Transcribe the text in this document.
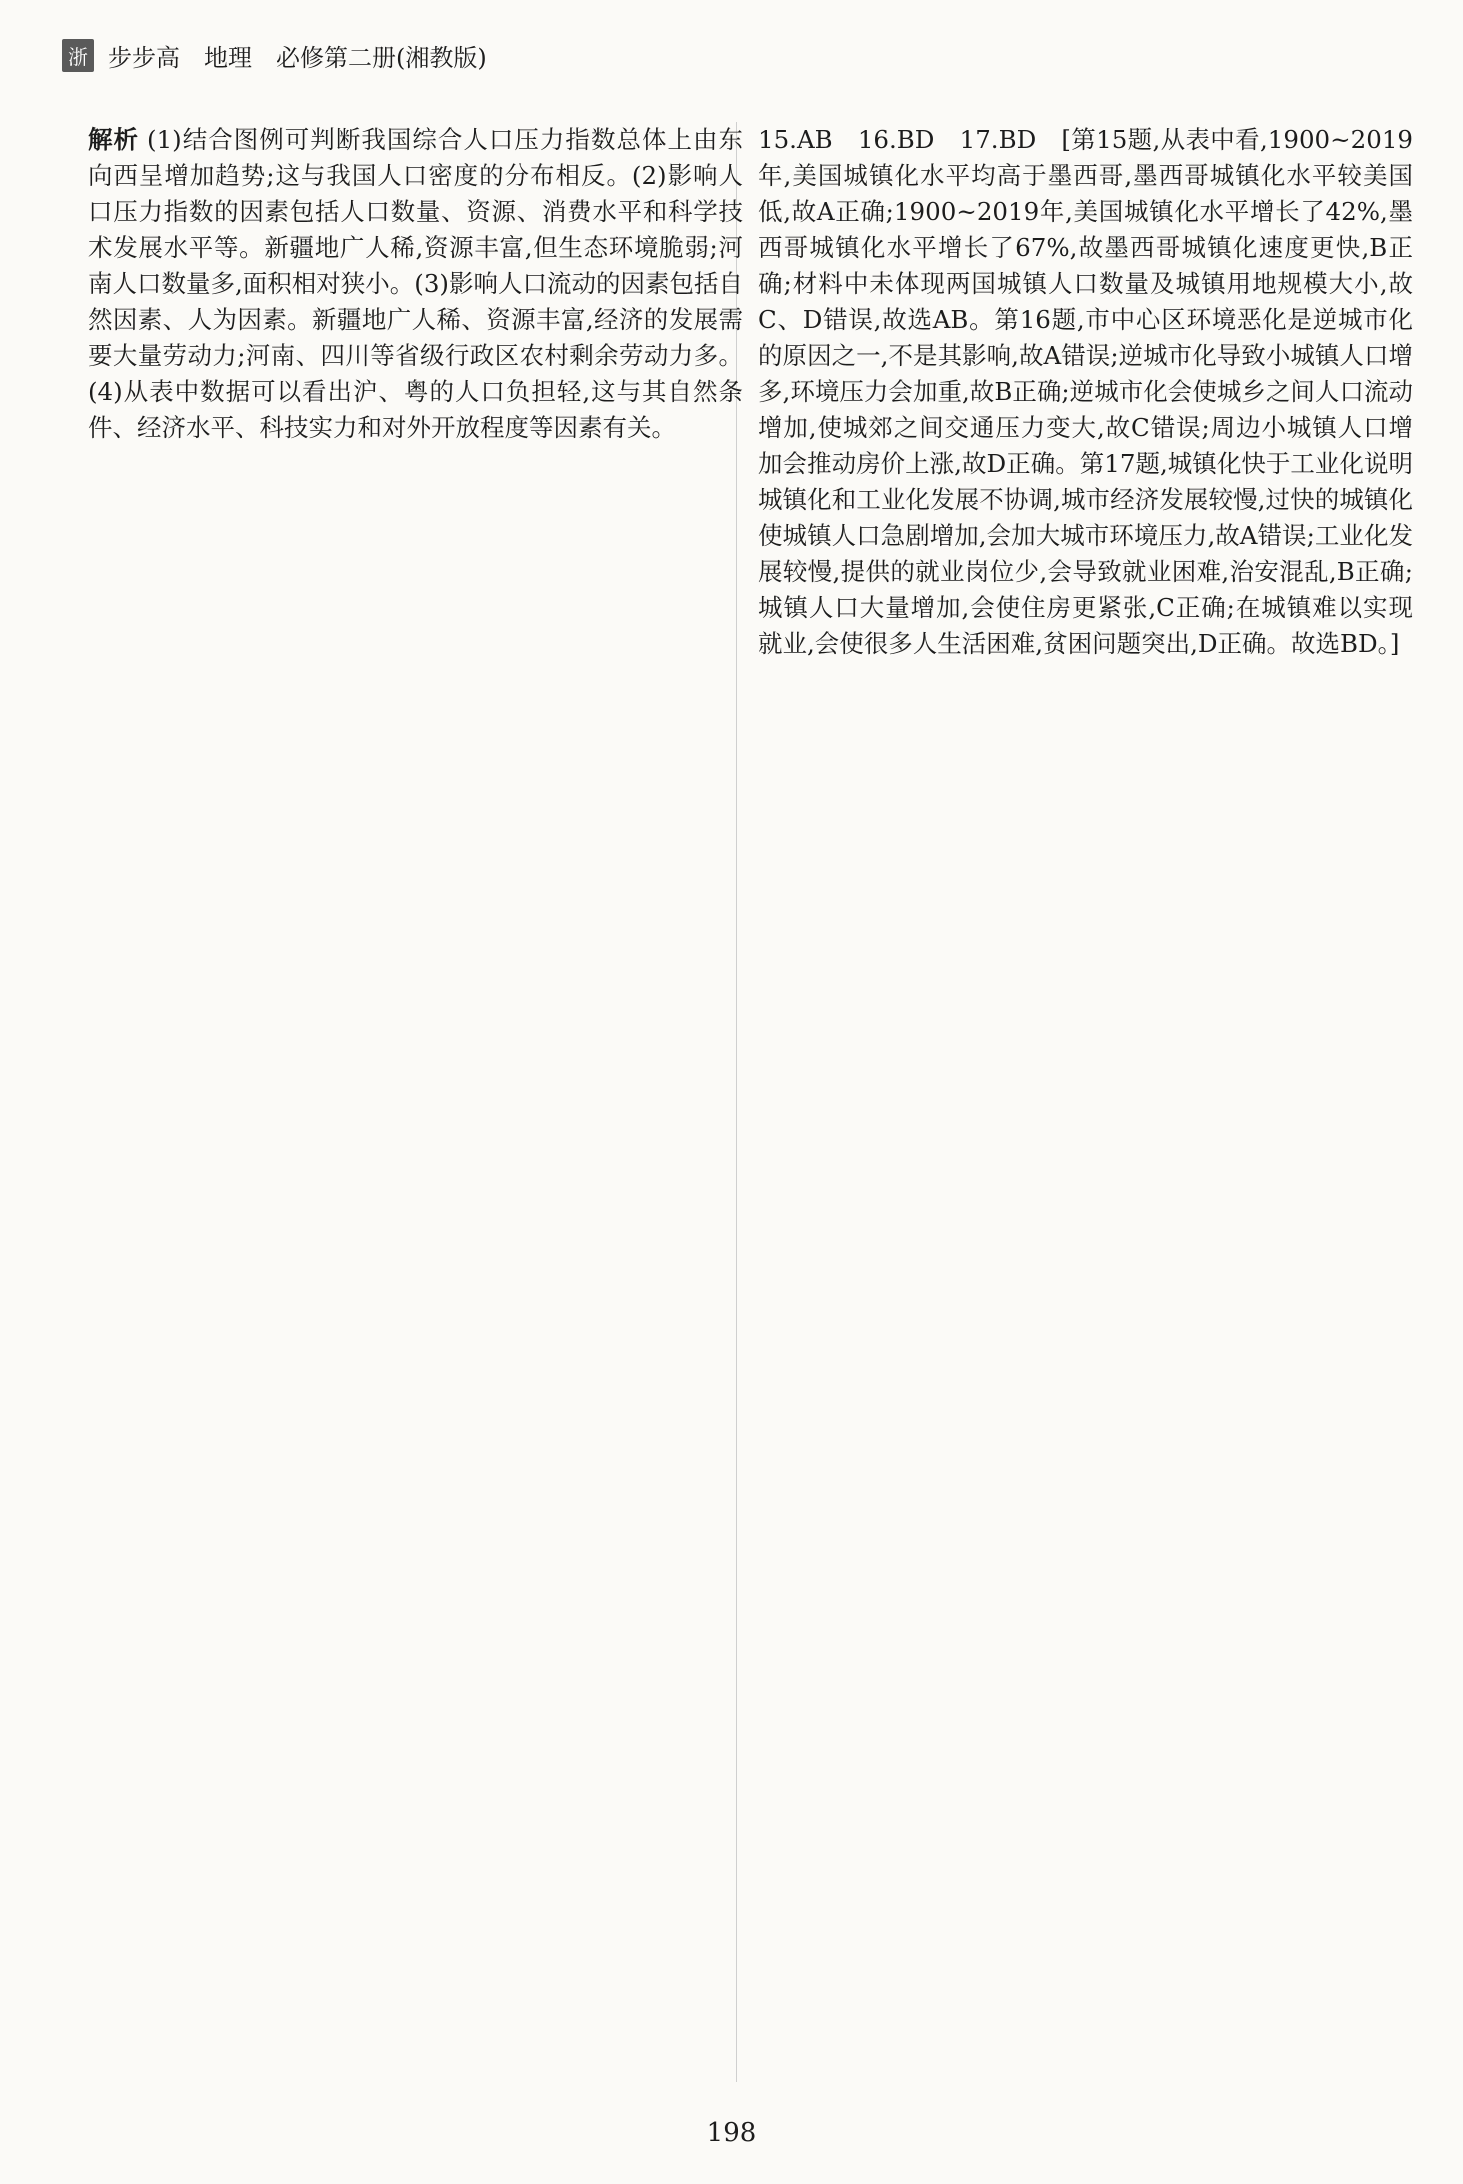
浙 步步高　地理　必修第二册(湘教版)

解析 (1)结合图例可判断我国综合人口压力指数总体上由东向西呈增加趋势;这与我国人口密度的分布相反。(2)影响人口压力指数的因素包括人口数量、资源、消费水平和科学技术发展水平等。新疆地广人稀,资源丰富,但生态环境脆弱;河南人口数量多,面积相对狭小。(3)影响人口流动的因素包括自然因素、人为因素。新疆地广人稀、资源丰富,经济的发展需要大量劳动力;河南、四川等省级行政区农村剩余劳动力多。(4)从表中数据可以看出沪、粤的人口负担轻,这与其自然条件、经济水平、科技实力和对外开放程度等因素有关。

15.AB　16.BD　17.BD　[第15题,从表中看,1900~2019年,美国城镇化水平均高于墨西哥,墨西哥城镇化水平较美国低,故A正确;1900~2019年,美国城镇化水平增长了42%,墨西哥城镇化水平增长了67%,故墨西哥城镇化速度更快,B正确;材料中未体现两国城镇人口数量及城镇用地规模大小,故C、D错误,故选AB。第16题,市中心区环境恶化是逆城市化的原因之一,不是其影响,故A错误;逆城市化导致小城镇人口增多,环境压力会加重,故B正确;逆城市化会使城乡之间人口流动增加,使城郊之间交通压力变大,故C错误;周边小城镇人口增加会推动房价上涨,故D正确。第17题,城镇化快于工业化说明城镇化和工业化发展不协调,城市经济发展较慢,过快的城镇化使城镇人口急剧增加,会加大城市环境压力,故A错误;工业化发展较慢,提供的就业岗位少,会导致就业困难,治安混乱,B正确;城镇人口大量增加,会使住房更紧张,C正确;在城镇难以实现就业,会使很多人生活困难,贫困问题突出,D正确。故选BD。]

198
